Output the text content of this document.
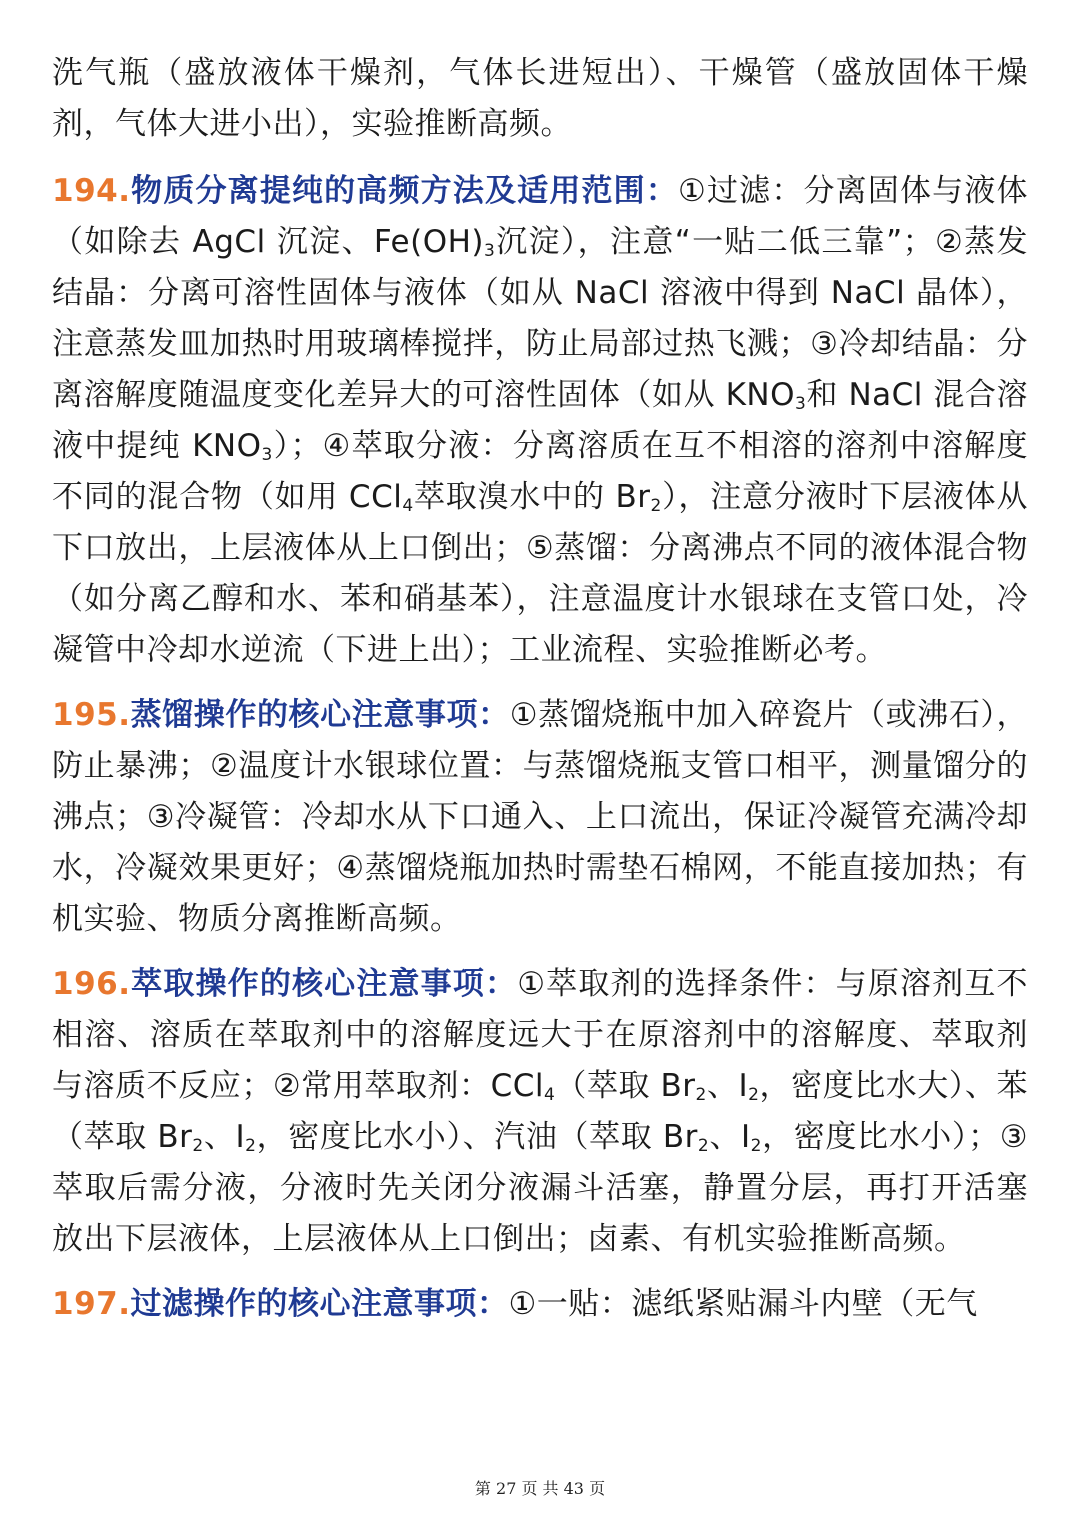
洗气瓶（盛放液体干燥剂，气体长进短出）、干燥管（盛放固体干燥剂，气体大进小出），实验推断高频。

194.物质分离提纯的高频方法及适用范围：①过滤：分离固体与液体（如除去 AgCl 沉淀、$Fe(OH)_3$沉淀），注意“一贴二低三靠”；②蒸发结晶：分离可溶性固体与液体（如从 NaCl 溶液中得到 NaCl 晶体），注意蒸发皿加热时用玻璃棒搅拌，防止局部过热飞溅；③冷却结晶：分离溶解度随温度变化差异大的可溶性固体（如从 $KNO_3$和 NaCl 混合溶液中提纯 $KNO_3$）；④萃取分液：分离溶质在互不相溶的溶剂中溶解度不同的混合物（如用 CCl$_4$萃取溴水中的 $Br_2$），注意分液时下层液体从下口放出，上层液体从上口倒出；⑤蒸馏：分离沸点不同的液体混合物（如分离乙醇和水、苯和硝基苯），注意温度计水银球在支管口处，冷凝管中冷却水逆流（下进上出）；工业流程、实验推断必考。

195.蒸馏操作的核心注意事项：①蒸馏烧瓶中加入碎瓷片（或沸石），防止暴沸；②温度计水银球位置：与蒸馏烧瓶支管口相平，测量馏分的沸点；③冷凝管：冷却水从下口通入、上口流出，保证冷凝管充满冷却水，冷凝效果更好；④蒸馏烧瓶加热时需垫石棉网，不能直接加热；有机实验、物质分离推断高频。

196.萃取操作的核心注意事项：①萃取剂的选择条件：与原溶剂互不相溶、溶质在萃取剂中的溶解度远大于在原溶剂中的溶解度、萃取剂与溶质不反应；②常用萃取剂：CCl$_4$（萃取 $Br_2$、$I_2$，密度比水大）、苯（萃取 $Br_2$、$I_2$，密度比水小）、汽油（萃取 $Br_2$、$I_2$，密度比水小）；③萃取后需分液，分液时先关闭分液漏斗活塞，静置分层，再打开活塞放出下层液体，上层液体从上口倒出；卤素、有机实验推断高频。

197.过滤操作的核心注意事项：①一贴：滤纸紧贴漏斗内壁（无气

第 27 页 共 43 页
